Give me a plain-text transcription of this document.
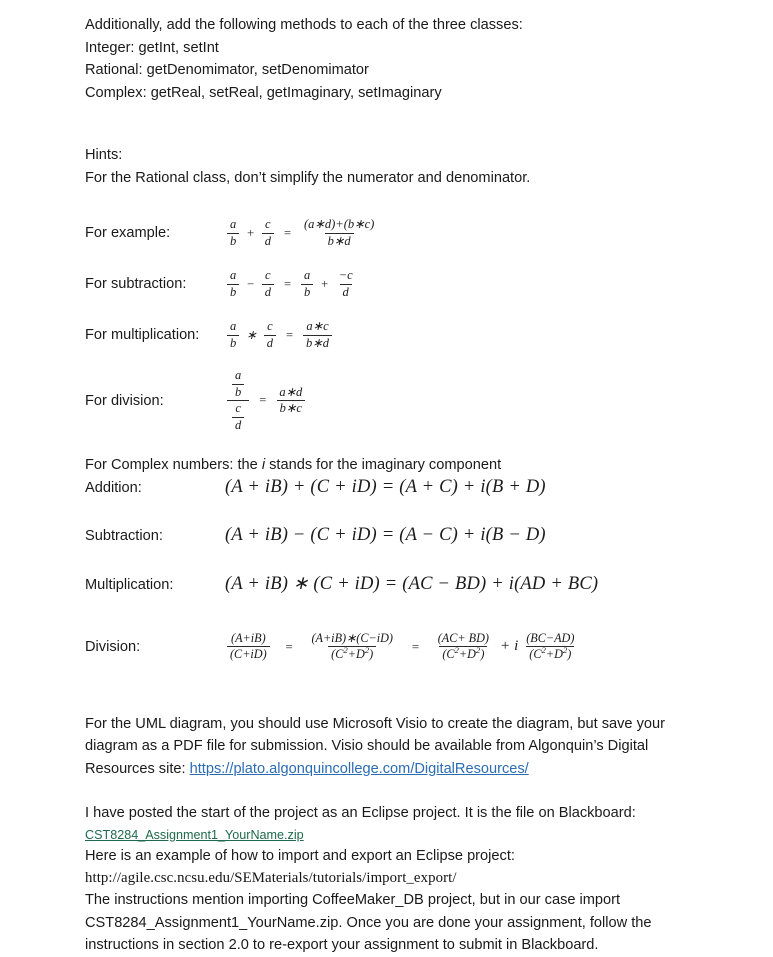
Additionally, add the following methods to each of the three classes:
Integer: getInt, setInt
Rational: getDenomimator, setDenomimator
Complex: getReal, setReal, getImaginary, setImaginary
Hints:
For the Rational class, don’t simplify the numerator and denominator.
For example:	$\frac{a}{b} + \frac{c}{d} = \frac{(a∗d)+(b∗c)}{b∗d}$
For subtraction:	$\frac{a}{b} - \frac{c}{d} = \frac{a}{b} + \frac{-c}{d}$
For multiplication:	$\frac{a}{b}$ ∗ $\frac{c}{d} = \frac{a∗c}{b∗d}$
For division:	$\frac{\frac{a}{b}}{\frac{c}{d}} = \frac{a∗d}{b∗c}$
For Complex numbers: the i stands for the imaginary component
Addition:	(A + iB) + (C + iD) = (A + C) + i(B + D)
Subtraction:	(A + iB) − (C + iD) = (A − C) + i(B − D)
Multiplication:	(A + iB) ∗ (C + iD) = (AC − BD) + i(AD + BC)
Division:	$\frac{(A+iB)}{(C+iD)}$	=	$\frac{(A+iB)∗(C-iD)}{(C^2+D^2)}$	=	$\frac{(AC+ BD)}{(C^2+D^2)} + i \frac{(BC-AD)}{(C^2+D^2)}$

For the UML diagram, you should use Microsoft Visio to create the diagram, but save your diagram as a PDF file for submission. Visio should be available from Algonquin’s Digital Resources site: https://plato.algonquincollege.com/DigitalResources/

I have posted the start of the project as an Eclipse project. It is the file on Blackboard:
CST8284_Assignment1_YourName.zip
Here is an example of how to import and export an Eclipse project:
http://agile.csc.ncsu.edu/SEMaterials/tutorials/import_export/

The instructions mention importing CoffeeMaker_DB project, but in our case import CST8284_Assignment1_YourName.zip. Once you are done your assignment, follow the instructions in section 2.0 to re-export your assignment to submit in Blackboard.
